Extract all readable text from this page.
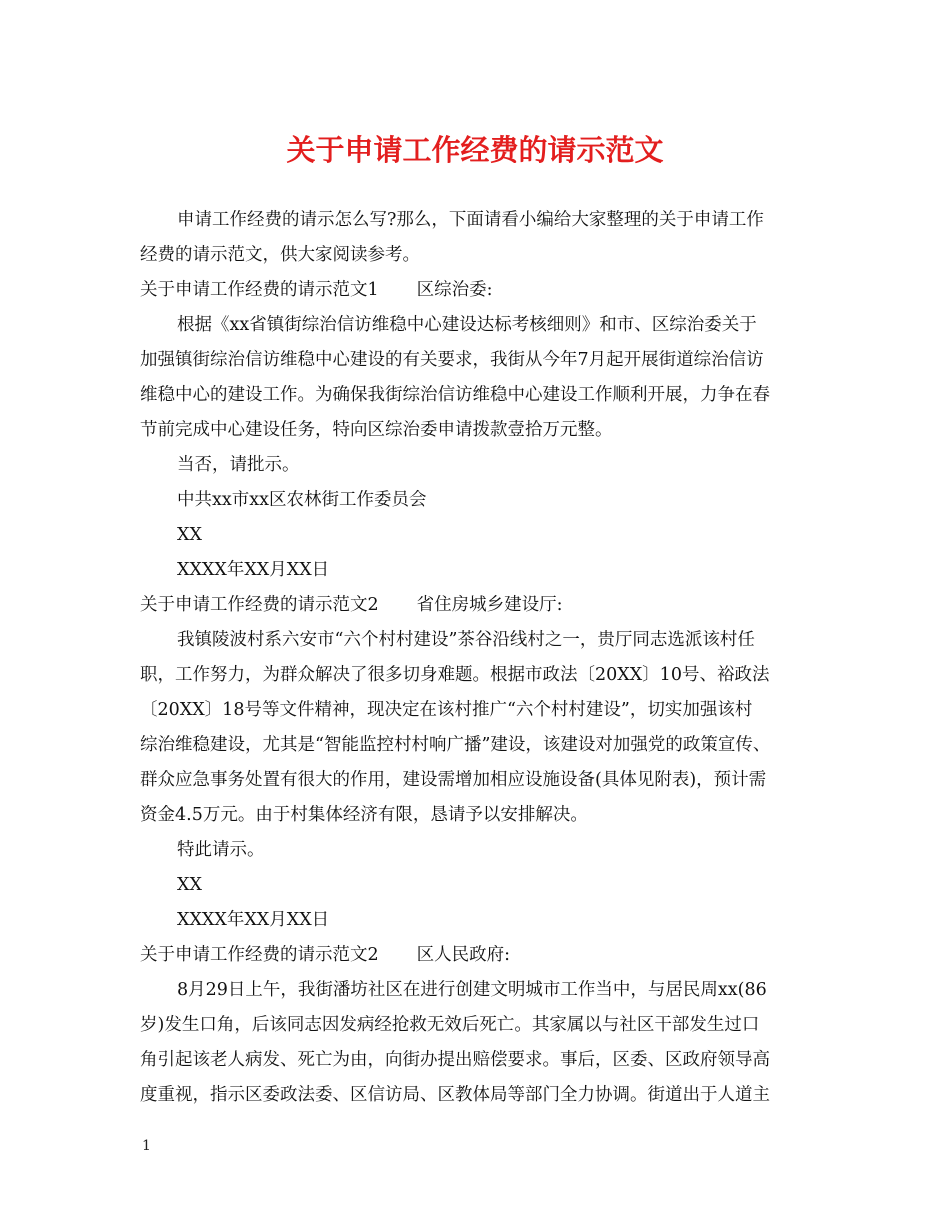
关于申请工作经费的请示范文
申请工作经费的请示怎么写?那么，下面请看小编给大家整理的关于申请工作
经费的请示范文，供大家阅读参考。
关于申请工作经费的请示范文1 区综治委:
根据《xx省镇街综治信访维稳中心建设达标考核细则》和市、区综治委关于
加强镇街综治信访维稳中心建设的有关要求，我街从今年7月起开展街道综治信访
维稳中心的建设工作。为确保我街综治信访维稳中心建设工作顺利开展，力争在春
节前完成中心建设任务，特向区综治委申请拨款壹拾万元整。
当否，请批示。
中共xx市xx区农林街工作委员会
XX
XXXX年XX月XX日
关于申请工作经费的请示范文2 省住房城乡建设厅:
我镇陵波村系六安市“六个村村建设”茶谷沿线村之一，贵厅同志选派该村任
职，工作努力，为群众解决了很多切身难题。根据市政法〔20XX〕10号、裕政法
〔20XX〕18号等文件精神，现决定在该村推广“六个村村建设”，切实加强该村
综治维稳建设，尤其是“智能监控村村响广播”建设，该建设对加强党的政策宣传、
群众应急事务处置有很大的作用，建设需增加相应设施设备(具体见附表)，预计需
资金4.5万元。由于村集体经济有限，恳请予以安排解决。
特此请示。
XX
XXXX年XX月XX日
关于申请工作经费的请示范文2 区人民政府:
8月29日上午，我街潘坊社区在进行创建文明城市工作当中，与居民周xx(86
岁)发生口角，后该同志因发病经抢救无效后死亡。其家属以与社区干部发生过口
角引起该老人病发、死亡为由，向街办提出赔偿要求。事后，区委、区政府领导高
度重视，指示区委政法委、区信访局、区教体局等部门全力协调。街道出于人道主
1
